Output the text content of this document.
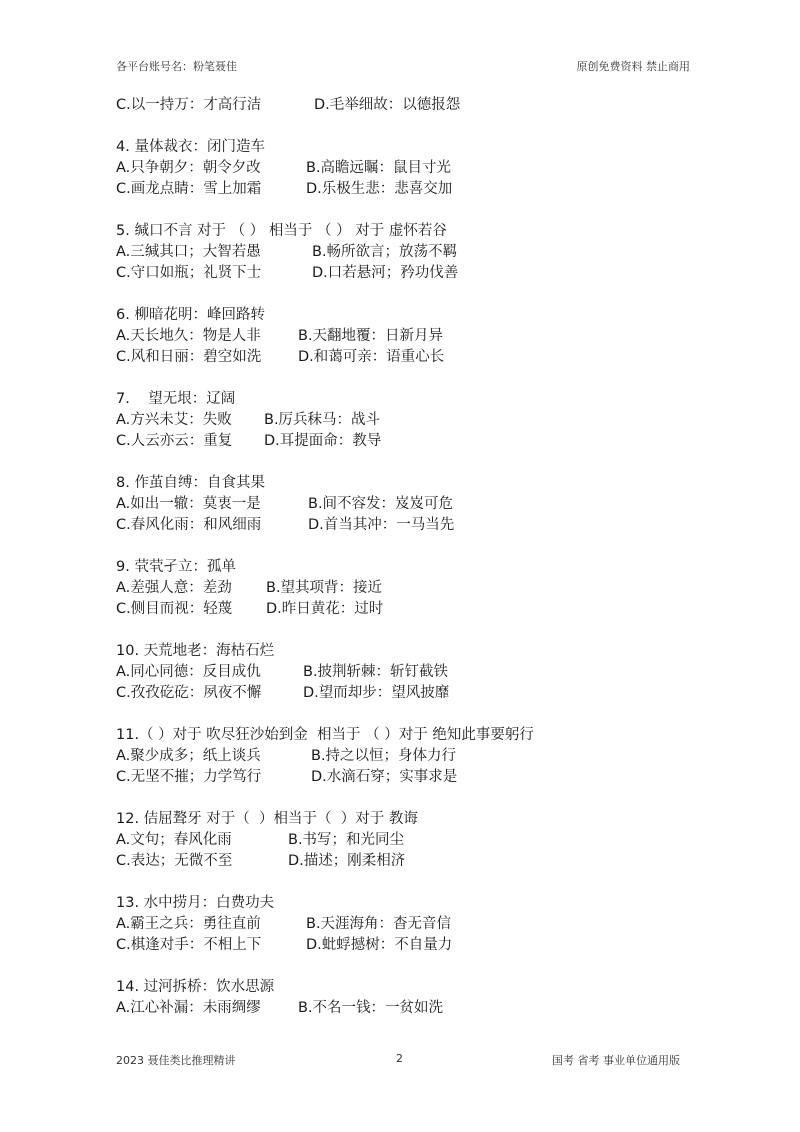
各平台账号名：粉笔聂佳	原创免费资料 禁止商用
C.以一持万：才高行洁	D.毛举细故：以德报怨
4. 量体裁衣：闭门造车
A.只争朝夕：朝令夕改	B.高瞻远瞩：鼠目寸光
C.画龙点睛：雪上加霜	D.乐极生悲：悲喜交加
5. 缄口不言 对于 （ ） 相当于 （ ） 对于 虚怀若谷
A.三缄其口；大智若愚	B.畅所欲言；放荡不羁
C.守口如瓶；礼贤下士	D.口若悬河；矜功伐善
6. 柳暗花明：峰回路转
A.天长地久：物是人非	B.天翻地覆：日新月异
C.风和日丽：碧空如洗	D.和蔼可亲：语重心长
7.    望无垠：辽阔
A.方兴未艾：失败	B.厉兵秣马：战斗
C.人云亦云：重复	D.耳提面命：教导
8. 作茧自缚：自食其果
A.如出一辙：莫衷一是	B.间不容发：岌岌可危
C.春风化雨：和风细雨	D.首当其冲：一马当先
9. 茕茕孑立：孤单
A.差强人意：差劲	B.望其项背：接近
C.侧目而视：轻蔑	D.昨日黄花：过时
10. 天荒地老：海枯石烂
A.同心同德：反目成仇	B.披荆斩棘：斩钉截铁
C.孜孜矻矻：夙夜不懈	D.望而却步：望风披靡
11.（ ）对于 吹尽狂沙始到金  相当于 （ ）对于 绝知此事要躬行
A.聚少成多；纸上谈兵	B.持之以恒；身体力行
C.无坚不摧；力学笃行	D.水滴石穿；实事求是
12. 佶屈聱牙 对于（  ）相当于（  ）对于 教诲
A.文句；春风化雨	B.书写；和光同尘
C.表达；无微不至	D.描述；刚柔相济
13. 水中捞月：白费功夫
A.霸王之兵：勇往直前	B.天涯海角：杳无音信
C.棋逢对手：不相上下	D.蚍蜉撼树：不自量力
14. 过河拆桥：饮水思源
A.江心补漏：未雨绸缪	B.不名一钱：一贫如洗
2023 聂佳类比推理精讲	2	国考 省考 事业单位通用版
